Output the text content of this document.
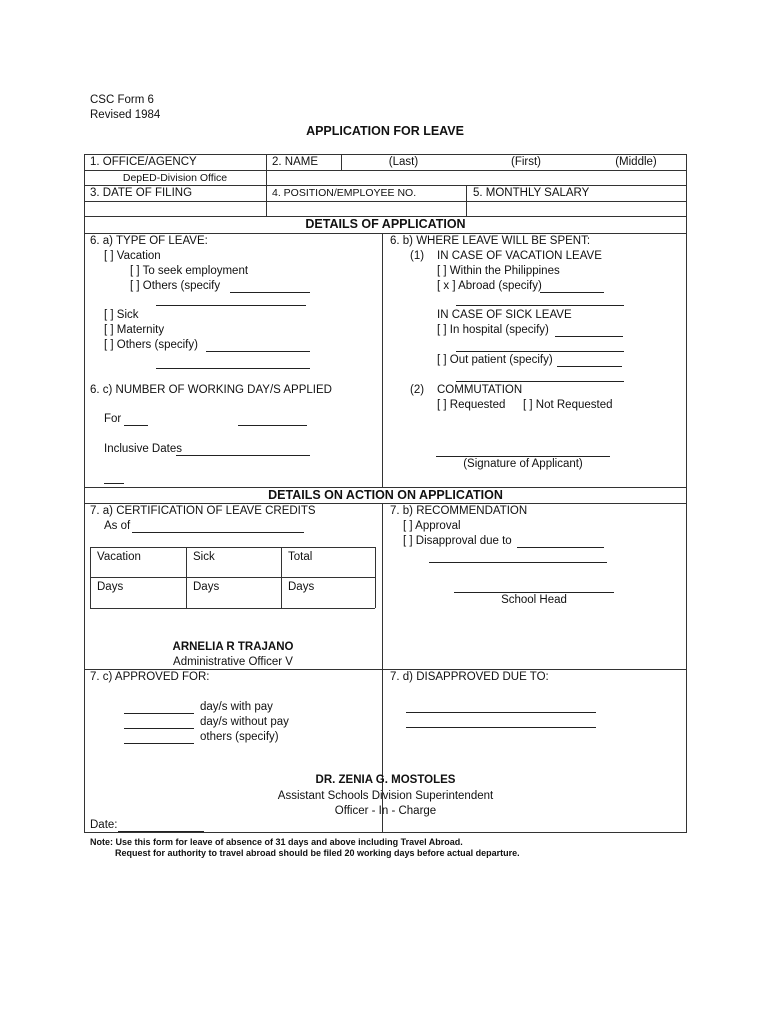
CSC Form 6
Revised 1984
APPLICATION FOR LEAVE
1. OFFICE/AGENCY	2. NAME	(Last)	(First)	(Middle)
DepED-Division Office
3. DATE OF FILING	4. POSITION/EMPLOYEE NO.	5. MONTHLY SALARY
DETAILS OF APPLICATION
6. a) TYPE OF LEAVE:
[ ] Vacation
[ ] To seek employment
[ ] Others (specify
[ ] Sick
[ ] Maternity
[ ] Others (specify)
6. b) WHERE LEAVE WILL BE SPENT:
(1) IN CASE OF VACATION LEAVE
[ ] Within the Philippines
[ x ] Abroad (specify)
IN CASE OF SICK LEAVE
[ ] In hospital (specify)
[ ] Out patient (specify)
6. c) NUMBER OF WORKING DAY/S APPLIED
For
Inclusive Dates
(2) COMMUTATION
[ ] Requested [ ] Not Requested
(Signature of Applicant)
DETAILS ON ACTION ON APPLICATION
7. a) CERTIFICATION OF LEAVE CREDITS
As of
Vacation	Sick	Total
Days	Days	Days
ARNELIA R TRAJANO
Administrative Officer V
7. b) RECOMMENDATION
[ ] Approval
[ ] Disapproval due to
School Head
7. c) APPROVED FOR:
day/s with pay
day/s without pay
others (specify)
7. d) DISAPPROVED DUE TO:
DR. ZENIA G. MOSTOLES
Assistant Schools Division Superintendent
Officer - In - Charge
Date:
Note: Use this form for leave of absence of 31 days and above including Travel Abroad.
Request for authority to travel abroad should be filed 20 working days before actual departure.
